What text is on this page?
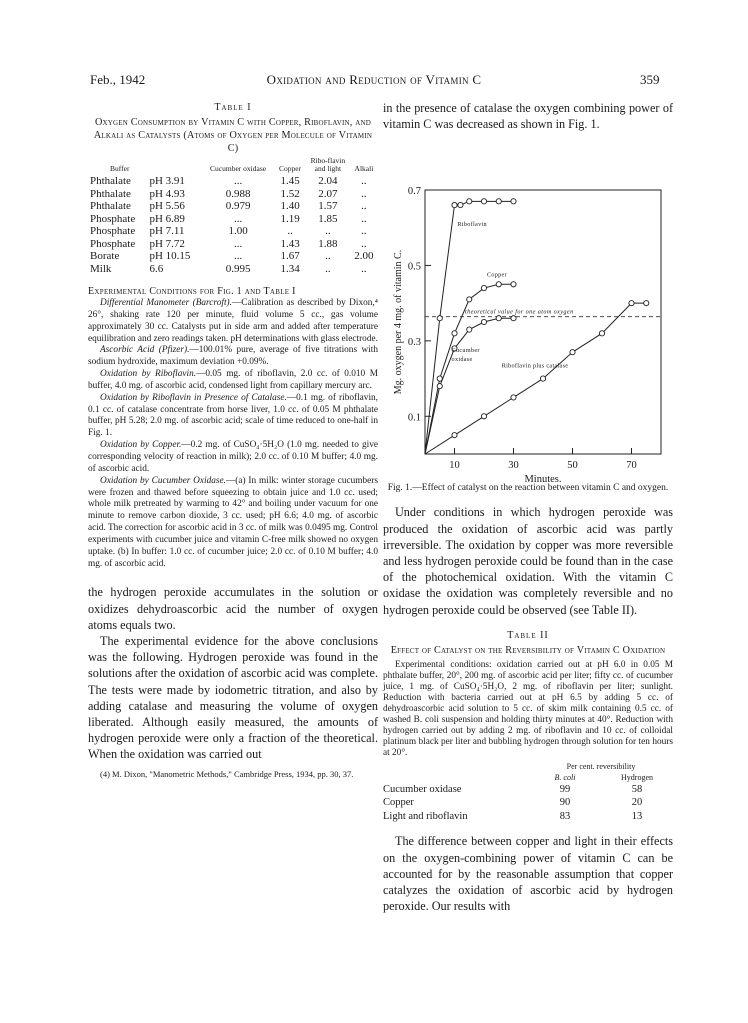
Feb., 1942	Oxidation and Reduction of Vitamin C	359
Table I
Oxygen Consumption by Vitamin C with Copper, Riboflavin, and Alkali as Catalysts (Atoms of Oxygen per Molecule of Vitamin C)
Buffer		Cucumber oxidase	Copper	Ribo-flavin and light	Alkali
Phthalate	pH 3.91	...	1.45	2.04	..
Phthalate	pH 4.93	0.988	1.52	2.07	..
Phthalate	pH 5.56	0.979	1.40	1.57	..
Phosphate	pH 6.89	...	1.19	1.85	..
Phosphate	pH 7.11	1.00	..	..	..
Phosphate	pH 7.72	...	1.43	1.88	..
Borate	pH 10.15	...	1.67	..	2.00
Milk	6.6	0.995	1.34	..	..
Experimental Conditions for Fig. 1 and Table I

Differential Manometer (Barcroft).—Calibration as described by Dixon,⁴ 26°, shaking rate 120 per minute, fluid volume 5 cc., gas volume approximately 30 cc. Catalysts put in side arm and added after temperature equilibration and zero readings taken. pH determinations with glass electrode.

Ascorbic Acid (Pfizer).—100.01% pure, average of five titrations with sodium hydroxide, maximum deviation +0.09%.

Oxidation by Riboflavin.—0.05 mg. of riboflavin, 2.0 cc. of 0.010 M buffer, 4.0 mg. of ascorbic acid, condensed light from capillary mercury arc.

Oxidation by Riboflavin in Presence of Catalase.—0.1 mg. of riboflavin, 0.1 cc. of catalase concentrate from horse liver, 1.0 cc. of 0.05 M phthalate buffer, pH 5.28; 2.0 mg. of ascorbic acid; scale of time reduced to one-half in Fig. 1.

Oxidation by Copper.—0.2 mg. of CuSO₄·5H₂O (1.0 mg. needed to give corresponding velocity of reaction in milk); 2.0 cc. of 0.10 M buffer; 4.0 mg. of ascorbic acid.

Oxidation by Cucumber Oxidase.—(a) In milk: winter storage cucumbers were frozen and thawed before squeezing to obtain juice and 1.0 cc. used; whole milk pretreated by warming to 42° and boiling under vacuum for one minute to remove carbon dioxide, 3 cc. used; pH 6.6; 4.0 mg. of ascorbic acid. The correction for ascorbic acid in 3 cc. of milk was 0.0495 mg. Control experiments with cucumber juice and vitamin C-free milk showed no oxygen uptake. (b) In buffer: 1.0 cc. of cucumber juice; 2.0 cc. of 0.10 M buffer; 4.0 mg. of ascorbic acid.

the hydrogen peroxide accumulates in the solution or oxidizes dehydroascorbic acid the number of oxygen atoms equals two.

The experimental evidence for the above conclusions was the following. Hydrogen peroxide was found in the solutions after the oxidation of ascorbic acid was complete. The tests were made by iodometric titration, and also by adding catalase and measuring the volume of oxygen liberated. Although easily measured, the amounts of hydrogen peroxide were only a fraction of the theoretical. When the oxidation was carried out

(4) M. Dixon, "Manometric Methods," Cambridge Press, 1934, pp. 30, 37.

in the presence of catalase the oxygen combining power of vitamin C was decreased as shown in Fig. 1.

0.1
0.3
0.5
0.7
10	30	50	70
Minutes.
Mg. oxygen per 4 mg. of vitamin C.	theoretical value for one atom oxygen
Riboflavin
Copper
Cucumber
oxidase
Riboflavin plus catalase

Fig. 1.—Effect of catalyst on the reaction between vitamin C and oxygen.

Under conditions in which hydrogen peroxide was produced the oxidation of ascorbic acid was partly irreversible. The oxidation by copper was more reversible and less hydrogen peroxide could be found than in the case of the photochemical oxidation. With the vitamin C oxidase the oxidation was completely reversible and no hydrogen peroxide could be observed (see Table II).

Table II
Effect of Catalyst on the Reversibility of Vitamin C Oxidation
Experimental conditions: oxidation carried out at pH 6.0 in 0.05 M phthalate buffer, 20°, 200 mg. of ascorbic acid per liter; fifty cc. of cucumber juice, 1 mg. of CuSO₄·5H₂O, 2 mg. of riboflavin per liter; sunlight. Reduction with bacteria carried out at pH 6.5 by adding 5 cc. of dehydroascorbic acid solution to 5 cc. of skim milk containing 0.5 cc. of washed B. coli suspension and holding thirty minutes at 40°. Reduction with hydrogen carried out by adding 2 mg. of riboflavin and 10 cc. of colloidal platinum black per liter and bubbling hydrogen through solution for ten hours at 20°.
	Per cent. reversibility	
	B. coli	Hydrogen
Cucumber oxidase	99	58
Copper	90	20
Light and riboflavin	83	13

The difference between copper and light in their effects on the oxygen-combining power of vitamin C can be accounted for by the reasonable assumption that copper catalyzes the oxidation of ascorbic acid by hydrogen peroxide. Our results with
